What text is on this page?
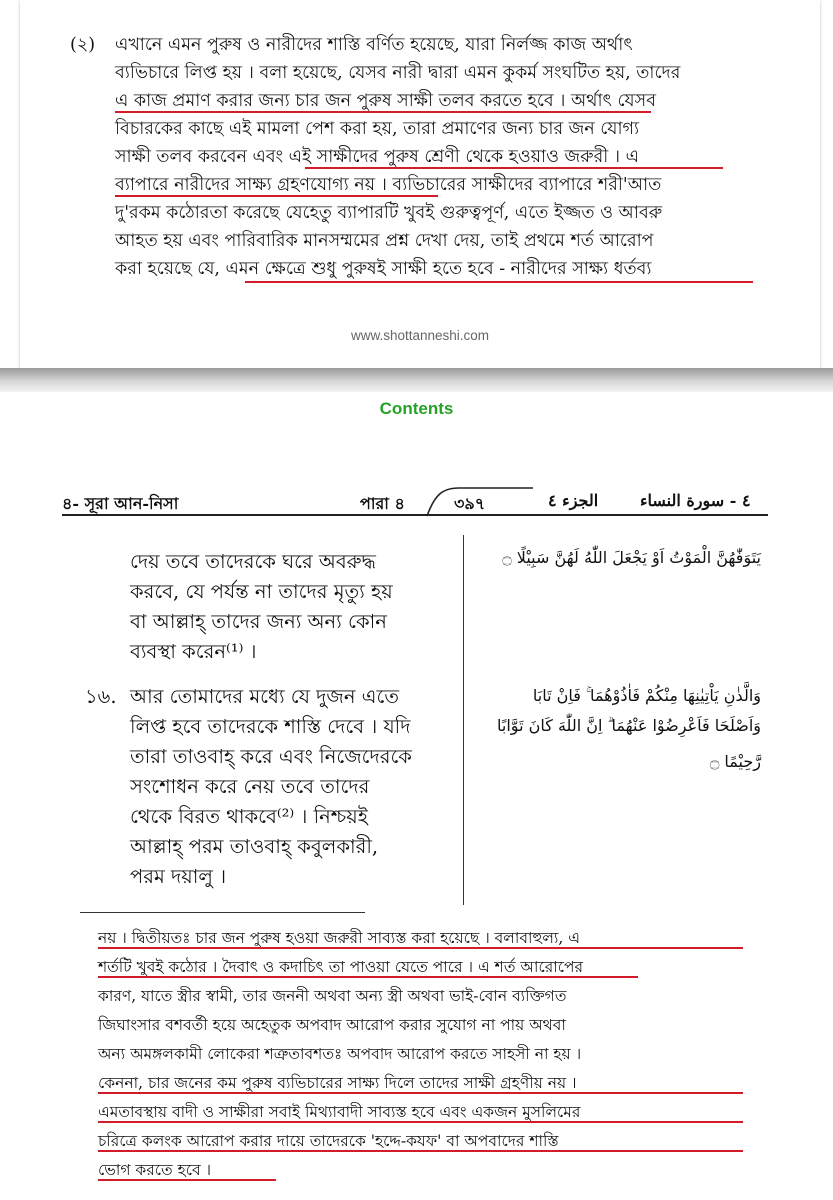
(২) এখানে এমন পুরুষ ও নারীদের শাস্তি বর্ণিত হয়েছে, যারা নির্লজ্জ কাজ অর্থাৎ
ব্যভিচারে লিপ্ত হয় । বলা হয়েছে, যেসব নারী দ্বারা এমন কুকর্ম সংঘটিত হয়, তাদের
এ কাজ প্রমাণ করার জন্য চার জন পুরুষ সাক্ষী তলব করতে হবে । অর্থাৎ যেসব
বিচারকের কাছে এই মামলা পেশ করা হয়, তারা প্রমাণের জন্য চার জন যোগ্য
সাক্ষী তলব করবেন এবং এই সাক্ষীদের পুরুষ শ্রেণী থেকে হওয়াও জরুরী । এ
ব্যাপারে নারীদের সাক্ষ্য গ্রহণযোগ্য নয় । ব্যভিচারের সাক্ষীদের ব্যাপারে শরী'আত
দু'রকম কঠোরতা করেছে যেহেতু ব্যাপারটি খুবই গুরুত্বপূর্ণ, এতে ইজ্জত ও আবরু
আহত হয় এবং পারিবারিক মানসম্মমের প্রশ্ন দেখা দেয়, তাই প্রথমে শর্ত আরোপ
করা হয়েছে যে, এমন ক্ষেত্রে শুধু পুরুষই সাক্ষী হতে হবে - নারীদের সাক্ষ্য ধর্তব্য
www.shottanneshi.com
Contents
৪- সূরা আন-নিসা	পারা ৪	৩৯৭	الجزء ٤	٤ - سورة النساء
দেয় তবে তাদেরকে ঘরে অবরুদ্ধ
করবে, যে পর্যন্ত না তাদের মৃত্যু হয়
বা আল্লাহ্ তাদের জন্য অন্য কোন
ব্যবস্থা করেন⁽¹⁾ ।
১৬. আর তোমাদের মধ্যে যে দুজন এতে
লিপ্ত হবে তাদেরকে শাস্তি দেবে । যদি
তারা তাওবাহ্ করে এবং নিজেদেরকে
সংশোধন করে নেয় তবে তাদের
থেকে বিরত থাকবে⁽²⁾ । নিশ্চয়ই
আল্লাহ্ পরম তাওবাহ্ কবুলকারী,
পরম দয়ালু ।
يَتَوَفّٰهُنَّ الْمَوْتُ اَوْ يَجْعَلَ اللّٰهُ لَهُنَّ سَبِيْلًا ۝
وَالَّذٰنِ يَاْتِيٰنِهَا مِنْكُمْ فَاٰذُوْهُمَا ۚ فَاِنْ تَابَا
وَاَصْلَحَا فَاَعْرِضُوْا عَنْهُمَا ۗ اِنَّ اللّٰهَ كَانَ تَوَّابًا
رَّحِيْمًا ۝
নয় । দ্বিতীয়তঃ চার জন পুরুষ হওয়া জরুরী সাব্যস্ত করা হয়েছে । বলাবাহুল্য, এ
শর্তটি খুবই কঠোর । দৈবাৎ ও কদাচিৎ তা পাওয়া যেতে পারে । এ শর্ত আরোপের
কারণ, যাতে স্ত্রীর স্বামী, তার জননী অথবা অন্য স্ত্রী অথবা ভাই-বোন ব্যক্তিগত
জিঘাংসার বশবর্তী হয়ে অহেতুক অপবাদ আরোপ করার সুযোগ না পায় অথবা
অন্য অমঙ্গলকামী লোকেরা শত্রুতাবশতঃ অপবাদ আরোপ করতে সাহসী না হয় ।
কেননা, চার জনের কম পুরুষ ব্যভিচারের সাক্ষ্য দিলে তাদের সাক্ষী গ্রহণীয় নয় ।
এমতাবস্থায় বাদী ও সাক্ষীরা সবাই মিথ্যাবাদী সাব্যস্ত হবে এবং একজন মুসলিমের
চরিত্রে কলংক আরোপ করার দায়ে তাদেরকে 'হদ্দে-কযফ' বা অপবাদের শাস্তি
ভোগ করতে হবে ।
